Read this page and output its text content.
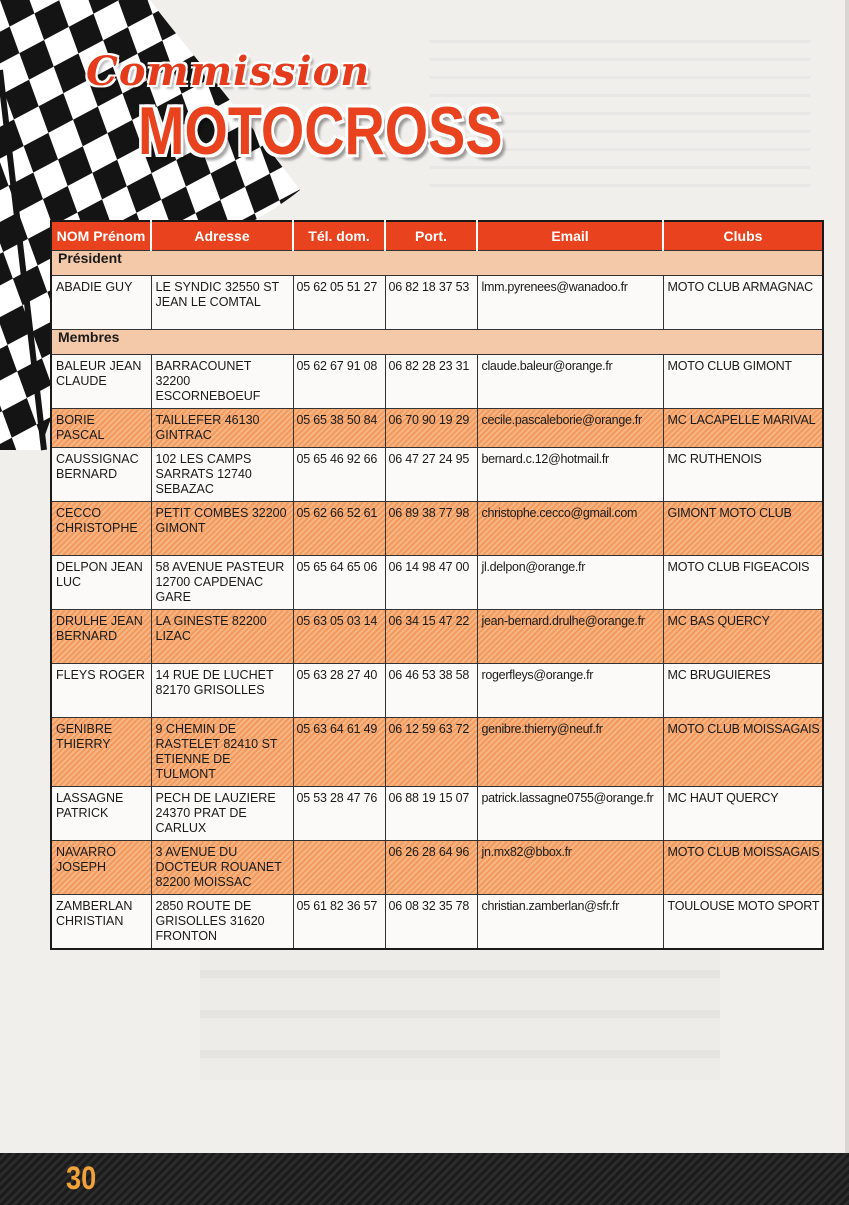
Commission
MOTOCROSS
NOM Prénom	Adresse	Tél. dom.	Port.	Email	Clubs
Président					
ABADIE GUY	LE SYNDIC 32550 ST JEAN LE COMTAL	05 62 05 51 27	06 82 18 37 53	lmm.pyrenees@wanadoo.fr	MOTO CLUB ARMAGNAC
Membres					
BALEUR JEAN CLAUDE	BARRACOUNET 32200 ESCORNEBOEUF	05 62 67 91 08	06 82 28 23 31	claude.baleur@orange.fr	MOTO CLUB GIMONT
BORIE PASCAL	TAILLEFER 46130 GINTRAC	05 65 38 50 84	06 70 90 19 29	cecile.pascaleborie@orange.fr	MC LACAPELLE MARIVAL
CAUSSIGNAC BERNARD	102 LES CAMPS SARRATS 12740 SEBAZAC	05 65 46 92 66	06 47 27 24 95	bernard.c.12@hotmail.fr	MC RUTHENOIS
CECCO CHRISTOPHE	PETIT COMBES 32200 GIMONT	05 62 66 52 61	06 89 38 77 98	christophe.cecco@gmail.com	GIMONT MOTO CLUB
DELPON JEAN LUC	58 AVENUE PASTEUR 12700 CAPDENAC GARE	05 65 64 65 06	06 14 98 47 00	jl.delpon@orange.fr	MOTO CLUB FIGEACOIS
DRULHE JEAN BERNARD	LA GINESTE 82200 LIZAC	05 63 05 03 14	06 34 15 47 22	jean-bernard.drulhe@orange.fr	MC BAS QUERCY
FLEYS ROGER	14 RUE DE LUCHET 82170 GRISOLLES	05 63 28 27 40	06 46 53 38 58	rogerfleys@orange.fr	MC BRUGUIERES
GENIBRE THIERRY	9 CHEMIN DE RASTELET 82410 ST ETIENNE DE TULMONT	05 63 64 61 49	06 12 59 63 72	genibre.thierry@neuf.fr	MOTO CLUB MOISSAGAIS
LASSAGNE PATRICK	PECH DE LAUZIERE 24370 PRAT DE CARLUX	05 53 28 47 76	06 88 19 15 07	patrick.lassagne0755@orange.fr	MC HAUT QUERCY
NAVARRO JOSEPH	3 AVENUE DU DOCTEUR ROUANET 82200 MOISSAC		06 26 28 64 96	jn.mx82@bbox.fr	MOTO CLUB MOISSAGAIS
ZAMBERLAN CHRISTIAN	2850 ROUTE DE GRISOLLES 31620 FRONTON	05 61 82 36 57	06 08 32 35 78	christian.zamberlan@sfr.fr	TOULOUSE MOTO SPORT
30
